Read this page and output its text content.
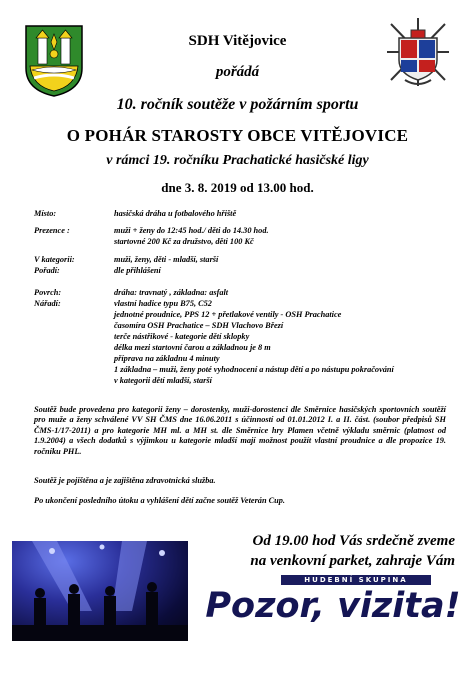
SDH Vitějovice
pořádá
10. ročník soutěže v požárním sportu
O POHÁR STAROSTY OBCE VITĚJOVICE
v rámci 19. ročníku Prachatické hasičské ligy
dne 3. 8. 2019 od 13.00 hod.
Místo:	hasičská dráha u fotbalového hřiště
Prezence :	muži + ženy do 12:45 hod./ děti do 14.30 hod.
startovné 200 Kč za družstvo, děti 100 Kč
V kategorii:	muži, ženy, děti - mladší, starší
Pořadí:	dle přihlášení
Povrch:	dráha: travnatý , základna: asfalt
Nářadí:	vlastní hadice typu B75, C52
jednotné proudnice, PPS 12 + přetlakové ventily - OSH Prachatice
časomíra OSH Prachatice – SDH Vlachovo Březí
terče nástřikové - kategorie dětí sklopky
délka mezi startovní čarou a základnou je 8 m
příprava na základnu 4 minuty
1 základna – muži, ženy poté vyhodnocení a nástup dětí a po nástupu pokračování
v kategorii dětí mladší, starší
Soutěž bude provedena pro kategorii ženy – dorostenky, muži-dorostenci dle Směrnice hasičských sportovních soutěží pro muže a ženy schválené VV SH ČMS dne 16.06.2011 s účinností od 01.01.2012 I. a II. část. (soubor předpisů SH ČMS-1/17-2011) a pro kategorie MH ml. a MH st. dle Směrnice hry Plamen včetně výkladu směrnic (platnost od 1.9.2004) a všech dodatků s výjimkou u kategorie mladší mají možnost použít vlastní proudnice a dle propozice 19. ročníku PHL.
Soutěž je pojištěna a je zajištěna zdravotnická služba.
Po ukončení posledního útoku a vyhlášení dětí začne soutěž Veterán Cup.
Od 19.00 hod Vás srdečně zveme
na venkovní parket, zahraje Vám
HUDEBNÍ SKUPINA
Pozor, vizita!
